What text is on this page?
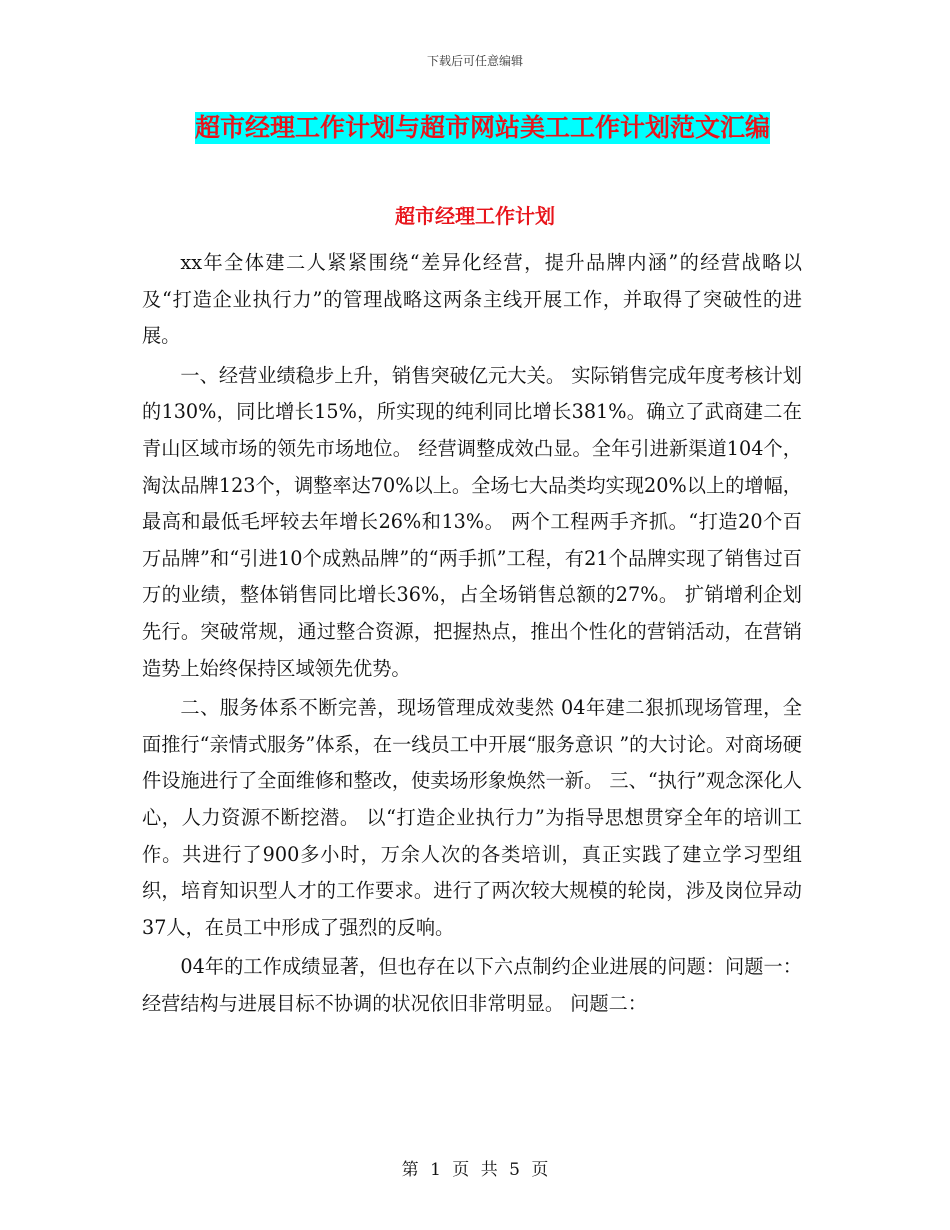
下载后可任意编辑
超市经理工作计划与超市网站美工工作计划范文汇编
超市经理工作计划

xx年全体建二人紧紧围绕“差异化经营，提升品牌内涵”的经营战略以及“打造企业执行力”的管理战略这两条主线开展工作，并取得了突破性的进展。

一、经营业绩稳步上升，销售突破亿元大关。 实际销售完成年度考核计划的130%，同比增长15%，所实现的纯利同比增长381%。确立了武商建二在青山区域市场的领先市场地位。 经营调整成效凸显。全年引进新渠道104个，淘汰品牌123个，调整率达70%以上。全场七大品类均实现20%以上的增幅，最高和最低毛坪较去年增长26%和13%。 两个工程两手齐抓。“打造20个百万品牌”和“引进10个成熟品牌”的“两手抓”工程，有21个品牌实现了销售过百万的业绩，整体销售同比增长36%，占全场销售总额的27%。 扩销增利企划先行。突破常规，通过整合资源，把握热点，推出个性化的营销活动，在营销造势上始终保持区域领先优势。

二、服务体系不断完善，现场管理成效斐然 04年建二狠抓现场管理，全面推行“亲情式服务”体系，在一线员工中开展“服务意识 ”的大讨论。对商场硬件设施进行了全面维修和整改，使卖场形象焕然一新。 三、“执行”观念深化人心，人力资源不断挖潜。 以“打造企业执行力”为指导思想贯穿全年的培训工作。共进行了900多小时，万余人次的各类培训，真正实践了建立学习型组织，培育知识型人才的工作要求。进行了两次较大规模的轮岗，涉及岗位异动37人，在员工中形成了强烈的反响。

04年的工作成绩显著，但也存在以下六点制约企业进展的问题：问题一：经营结构与进展目标不协调的状况依旧非常明显。 问题二：

第 1 页 共 5 页
